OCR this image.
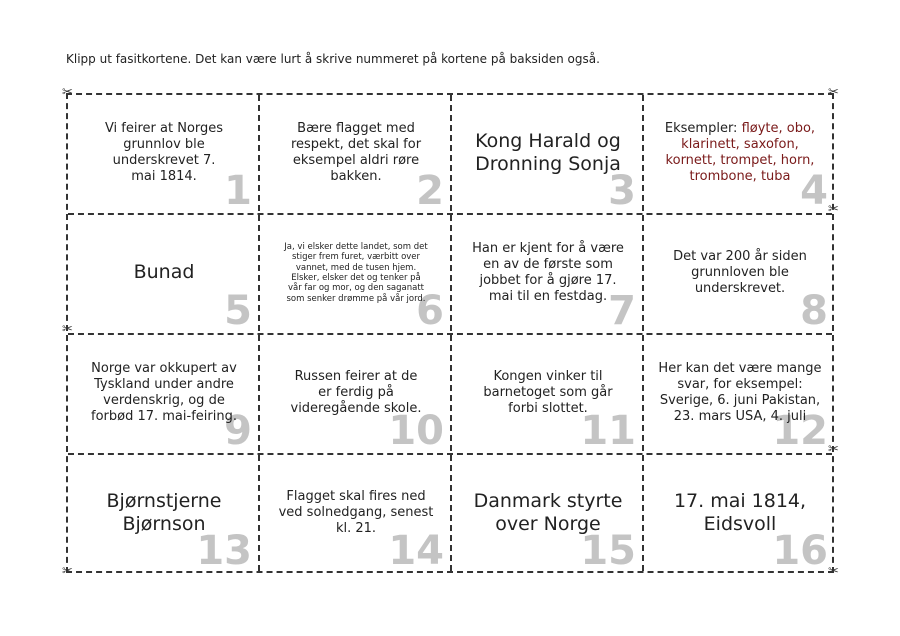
Klipp ut fasitkortene. Det kan være lurt å skrive nummeret på kortene på baksiden også.
Vi feirer at Norges grunnlov ble underskrevet 7. mai 1814. 1
Bære flagget med respekt, det skal for eksempel aldri røre bakken. 2
Kong Harald og Dronning Sonja
3
Eksempler: fløyte, obo, klarinett, saxofon, kornett, trompet, horn, trombone, tuba 4
Bunad
5
Ja, vi elsker dette landet, som det stiger frem furet, værbitt over vannet, med de tusen hjem. Elsker, elsker det og tenker på vår far og mor, og den saganatt som senker drømme på vår jord.
6
Han er kjent for å være en av de første som jobbet for å gjøre 17. mai til en festdag. 7
Det var 200 år siden grunnloven ble underskrevet. 8
Norge var okkupert av Tyskland under andre verdenskrig, og de forbød 17. mai-feiring.
9
Russen feirer at de er ferdig på videregående skole.
10
Kongen vinker til barnetoget som går forbi slottet.
11
Her kan det være mange svar, for eksempel: Sverige, 6. juni Pakistan, 23. mars USA, 4. juli
12
Bjørnstjerne Bjørnson
13
Flagget skal fires ned ved solnedgang, senest kl. 21. 14
Danmark styrte over Norge
15
17. mai 1814, Eidsvoll
16
✂	✂
✂
✂
✂
✂	✂
